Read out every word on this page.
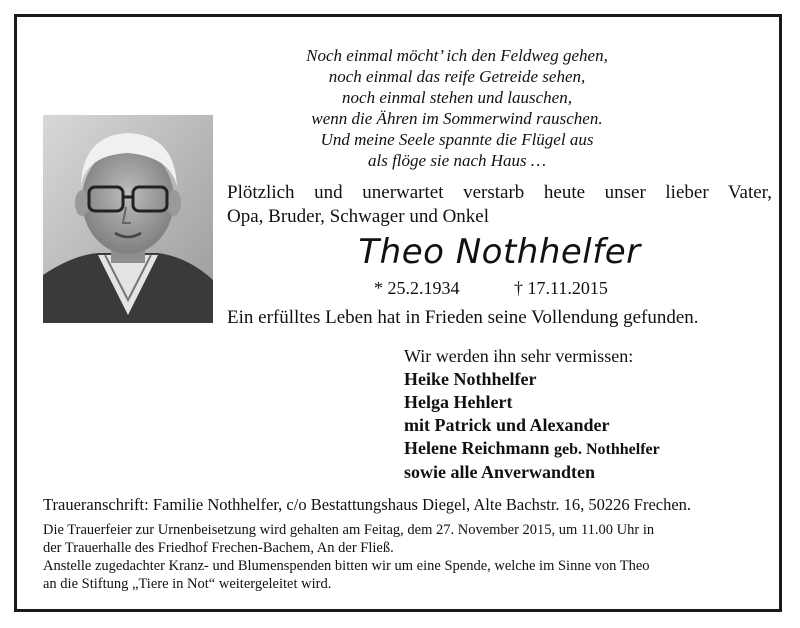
Noch einmal möcht’ ich den Feldweg gehen,
noch einmal das reife Getreide sehen,
noch einmal stehen und lauschen,
wenn die Ähren im Sommerwind rauschen.
Und meine Seele spannte die Flügel aus
als flöge sie nach Haus …
Plötzlich und unerwartet verstarb heute unser lieber Vater,
Opa, Bruder, Schwager und Onkel
Theo Nothhelfer
* 25.2.1934	† 17.11.2015
Ein erfülltes Leben hat in Frieden seine Vollendung gefunden.
Wir werden ihn sehr vermissen:
Heike Nothhelfer
Helga Hehlert
mit Patrick und Alexander
Helene Reichmann geb. Nothhelfer
sowie alle Anverwandten
Traueranschrift: Familie Nothhelfer, c/o Bestattungshaus Diegel, Alte Bachstr. 16, 50226 Frechen.
Die Trauerfeier zur Urnenbeisetzung wird gehalten am Feitag, dem 27. November 2015, um 11.00 Uhr in
der Trauerhalle des Friedhof Frechen-Bachem, An der Fließ.
Anstelle zugedachter Kranz- und Blumenspenden bitten wir um eine Spende, welche im Sinne von Theo
an die Stiftung „Tiere in Not“ weitergeleitet wird.
